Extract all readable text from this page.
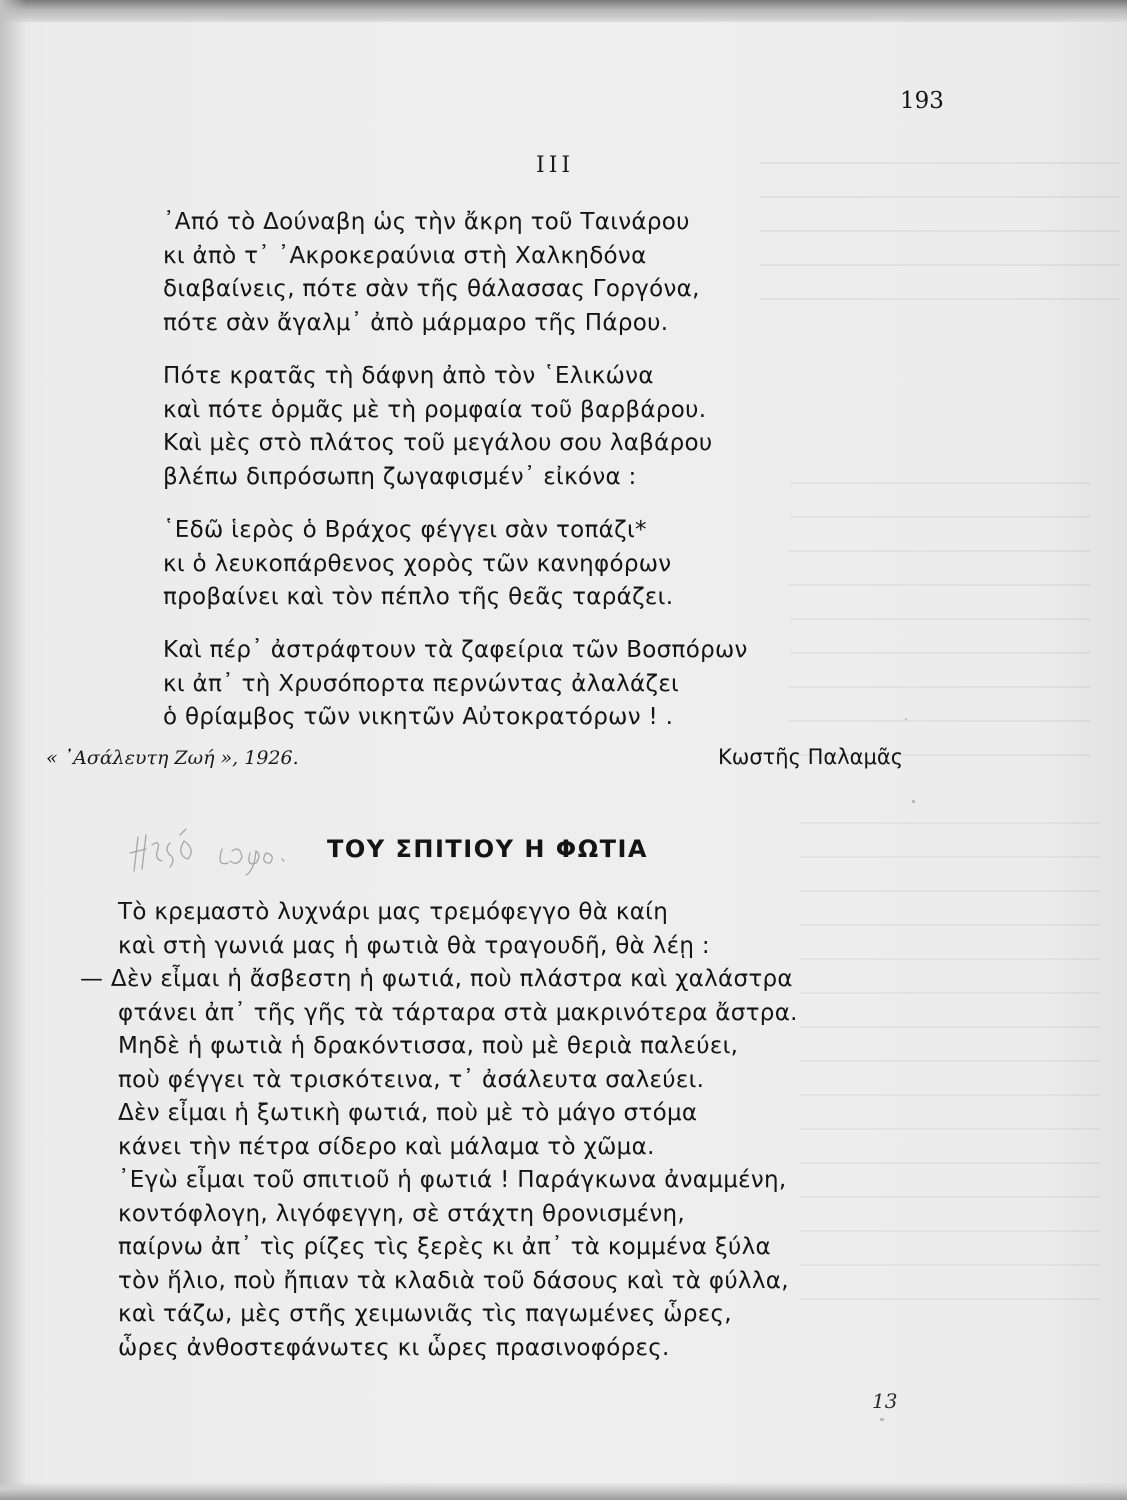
193

III

᾿Από τὸ Δούναβη ὡς τὴν ἄκρη τοῦ Ταινάρου
κι ἀπὸ τ᾿ ᾿Ακροκεραύνια στὴ Χαλκηδόνα
διαβαίνεις, πότε σὰν τῆς θάλασσας Γοργόνα,
πότε σὰν ἄγαλμ᾿ ἀπὸ μάρμαρο τῆς Πάρου.
Πότε κρατᾶς τὴ δάφνη ἀπὸ τὸν ῾Ελικώνα
καὶ πότε ὁρμᾶς μὲ τὴ ρομφαία τοῦ βαρβάρου.
Καὶ μὲς στὸ πλάτος τοῦ μεγάλου σου λαβάρου
βλέπω διπρόσωπη ζωγαφισμέν᾿ εἰκόνα :
῾Εδῶ ἱερὸς ὁ Βράχος φέγγει σὰν τοπάζι*
κι ὁ λευκοπάρθενος χορὸς τῶν κανηφόρων
προβαίνει καὶ τὸν πέπλο τῆς θεᾶς ταράζει.
Καὶ πέρ᾿ ἀστράφτουν τὰ ζαφείρια τῶν Βοσπόρων
κι ἀπ᾿ τὴ Χρυσόπορτα περνώντας ἀλαλάζει
ὁ θρίαμβος τῶν νικητῶν Αὐτοκρατόρων ! .

« ᾿Ασάλευτη Ζωή », 1926.	Κωστῆς Παλαμᾶς

ΤΟΥ ΣΠΙΤΙΟΥ Η ΦΩΤΙΑ
Τὸ κρεμαστὸ λυχνάρι μας τρεμόφεγγο θὰ καίη
καὶ στὴ γωνιά μας ἡ φωτιὰ θὰ τραγουδῆ, θὰ λέῃ :
— Δὲν εἶμαι ἡ ἄσβεστη ἡ φωτιά, ποὺ πλάστρα καὶ χαλάστρα
φτάνει ἀπ᾿ τῆς γῆς τὰ τάρταρα στὰ μακρινότερα ἄστρα.
Μηδὲ ἡ φωτιὰ ἡ δρακόντισσα, ποὺ μὲ θεριὰ παλεύει,
ποὺ φέγγει τὰ τρισκότεινα, τ᾿ ἀσάλευτα σαλεύει.
Δὲν εἶμαι ἡ ξωτικὴ φωτιά, ποὺ μὲ τὸ μάγο στόμα
κάνει τὴν πέτρα σίδερο καὶ μάλαμα τὸ χῶμα.
᾿Εγὼ εἶμαι τοῦ σπιτιοῦ ἡ φωτιά ! Παράγκωνα ἀναμμένη,
κοντόφλογη, λιγόφεγγη, σὲ στάχτη θρονισμένη,
παίρνω ἀπ᾿ τὶς ρίζες τὶς ξερὲς κι ἀπ᾿ τὰ κομμένα ξύλα
τὸν ἥλιο, ποὺ ἤπιαν τὰ κλαδιὰ τοῦ δάσους καὶ τὰ φύλλα,
καὶ τάζω, μὲς στῆς χειμωνιᾶς τὶς παγωμένες ὧρες,
ὧρες ἀνθοστεφάνωτες κι ὧρες πρασινοφόρες.

13
